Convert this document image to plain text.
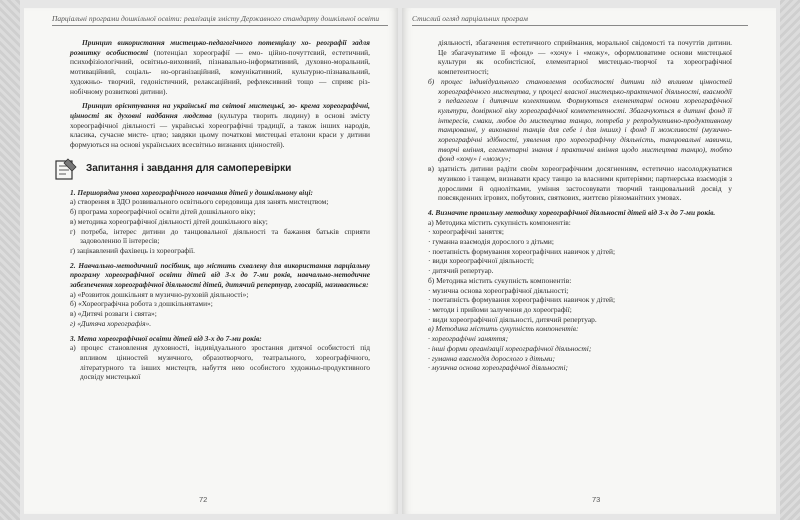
Парціальні програми дошкільної освіти: реалізація змісту Державного стандарту дошкільної освіти

Принцип використання мистецько-педагогічного потенціалу хо- реографії задля розвитку особистості (потенціал хореографії — емо- ційно-почуттєвий, естетичний, психофізіологічний, освітньо-виховний, пізнавально-інформативний, духовно-моральний, мотиваційний, соціаль- но-організаційний, комунікативний, культурно-пізнавальний, художньо- творчий, гедоністичний, релаксаційний, рефлексивний тощо — сприяє різ- нобічному розвиткові дитини).

Принцип орієнтування на українські та світові мистецькі, зо- крема хореографічні, цінності як духовні надбання людства (культура творить людину) в основі змісту хореографічної діяльності — українські хореографічні традиції, а також інших народів, класика, сучасне мисте- цтво; завдяки цьому початкові мистецькі еталони краси у дитини формуються на основі українських всесвітньо визнаних цінностей).

Запитання і завдання для самоперевірки

1. Першорядна умова хореографічного навчання дітей у дошкільному віці:

а) створення в ЗДО розвивального освітнього середовища для занять мистецтвом;

б) програма хореографічної освіти дітей дошкільного віку;

в) методика хореографічної діяльності дітей дошкільного віку;

г) потреба, інтерес дитини до танцювальної діяльності та бажання батьків сприяти задоволенню її інтересів;

ґ) зацікавлений фахівець із хореографії.

2. Навчально-методичний посібник, що містить схвалену для використання парціальну програму хореографічної освіти дітей від 3-х до 7-ми років, навчально-методичне забезпечення хореографічної діяльності дітей, дитячий репертуар, глосарій, називається:

а) «Розвиток дошкільнят в музично-руховій діяльності»;

б) «Хореографічна робота з дошкільнятами»;

в) «Дитячі розваги і свята»;

г) «Дитяча хореографія».

3. Мета хореографічної освіти дітей від 3-х до 7-ми років:

а) процес становлення духовності, індивідуального зростання дитячої особистості під впливом цінностей музичного, образотворчого, театрального, хореографічного, літературного та інших мистецтв, набуття нею особистого художньо-продуктивного досвіду мистецької

72
Стислий огляд парціальних програм

діяльності, збагачення естетичного сприймання, моральної свідомості та почуттів дитини. Це збагачуватиме її «фонд» — «хочу» і «можу», оформлюватиме основи мистецької культури як особистісної, елементарної мистецько-творчої та хореографічної компетентності;

б) процес індивідуального становлення особистості дитини під впливом цінностей хореографічного мистецтва, у процесі власної мистецько-практичної діяльності, взаємодії з педагогом і дитячим колективом. Формуються елементарні основи хореографічної культури, доміркної віку хореографічної компетентності. Збагачуються в дитині фонд її інтересів, смаки, любов до мистецтва танцю, потреба у репродуктивно-продуктивному танцюванні, у виконанні танців для себе і для інших) і фонд її можливості (музично-хореографічні здібності, уявлення про хореографічну діяльність, танцювальні навички, творчі вміння, елементарні знання і практичні вміння щодо мистецтва танцю), тобто фонд «хочу» і «можу»;

в) здатність дитини радіти своїм хореографічним досягненням, естетично насолоджуватися музикою і танцем, визнавати красу танцю за власними критеріями; партнерська взаємодія з дорослими й однолітками, уміння застосовувати творчий танцювальний досвід у повсякденних ігрових, побутових, святкових, життєво різноманітних умовах.

4. Визначте правильну методику хореографічної діяльності дітей від 3-х до 7-ми років.

а) Методика містить сукупність компонентів:

· хореографічні заняття;

· гуманна взаємодія дорослого з дітьми;

· поетапність формування хореографічних навичок у дітей;

· види хореографічної діяльності;

· дитячий репертуар.

б) Методика містить сукупність компонентів:

· музична основа хореографічної діяльності;

· поетапність формування хореографічних навичок у дітей;

· методи і прийоми залучення до хореографії;

· види хореографічної діяльності, дитячий репертуар.

в) Методика містить сукупність компонентів:

· хореографічні заняття;

· інші форми організації хореографічної діяльності;

· гуманна взаємодія дорослого з дітьми;

· музична основа хореографічної діяльності;

73
